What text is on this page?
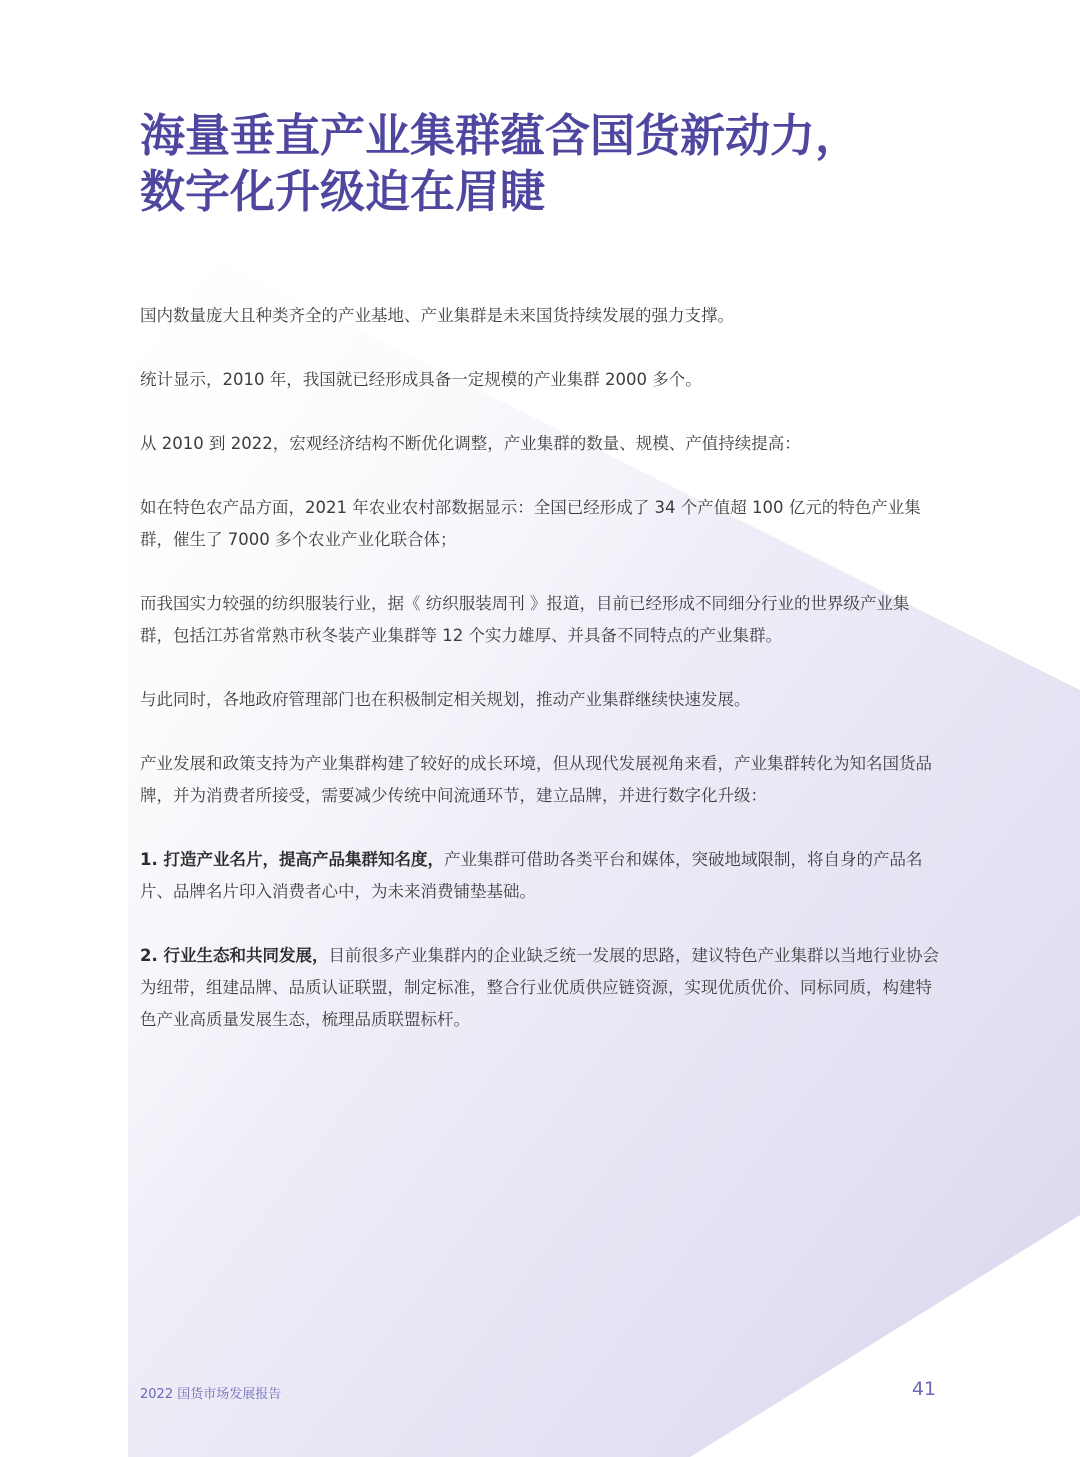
海量垂直产业集群蕴含国货新动力，
数字化升级迫在眉睫

国内数量庞大且种类齐全的产业基地、产业集群是未来国货持续发展的强力支撑。

统计显示，2010 年，我国就已经形成具备一定规模的产业集群 2000 多个。

从 2010 到 2022，宏观经济结构不断优化调整，产业集群的数量、规模、产值持续提高：

如在特色农产品方面，2021 年农业农村部数据显示：全国已经形成了 34 个产值超 100 亿元的特色产业集群，催生了 7000 多个农业产业化联合体；

而我国实力较强的纺织服装行业，据《 纺织服装周刊 》报道，目前已经形成不同细分行业的世界级产业集群，包括江苏省常熟市秋冬装产业集群等 12 个实力雄厚、并具备不同特点的产业集群。

与此同时，各地政府管理部门也在积极制定相关规划，推动产业集群继续快速发展。

产业发展和政策支持为产业集群构建了较好的成长环境，但从现代发展视角来看，产业集群转化为知名国货品牌，并为消费者所接受，需要减少传统中间流通环节，建立品牌，并进行数字化升级：

1. 打造产业名片，提高产品集群知名度，产业集群可借助各类平台和媒体，突破地域限制，将自身的产品名片、品牌名片印入消费者心中，为未来消费铺垫基础。

2. 行业生态和共同发展，目前很多产业集群内的企业缺乏统一发展的思路，建议特色产业集群以当地行业协会为纽带，组建品牌、品质认证联盟，制定标准，整合行业优质供应链资源，实现优质优价、同标同质，构建特色产业高质量发展生态，梳理品质联盟标杆。

2022 国货市场发展报告	41
